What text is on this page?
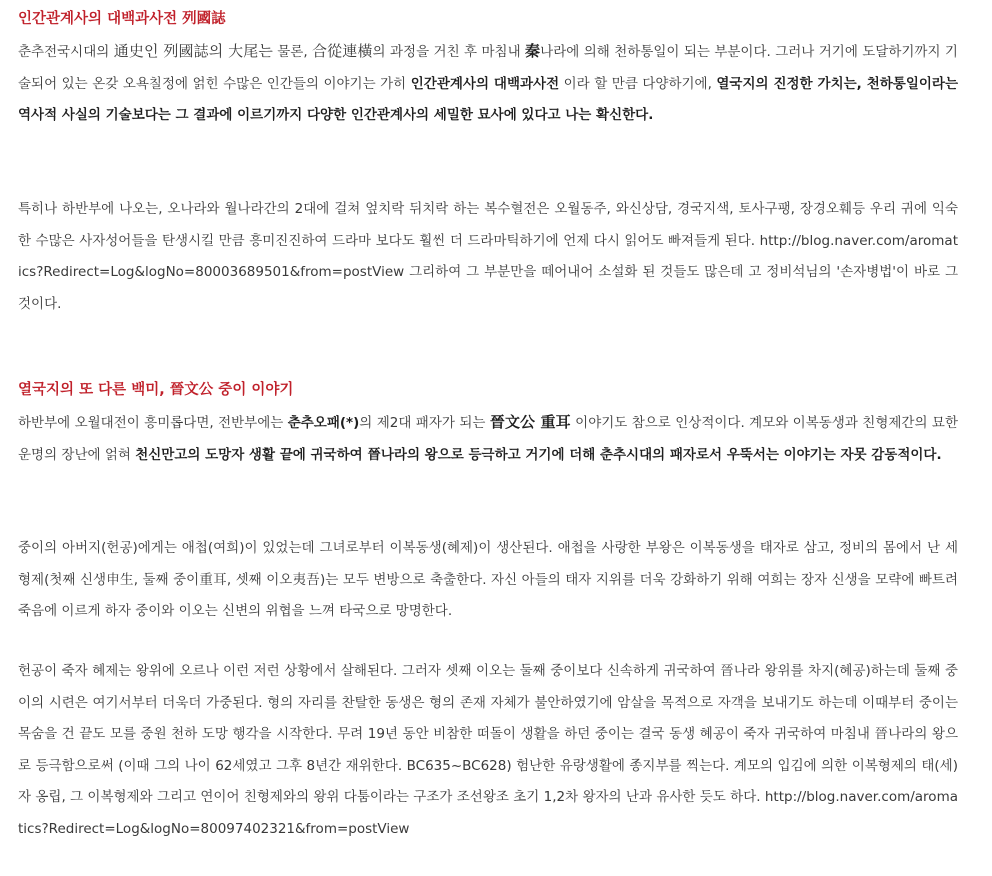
인간관계사의 대백과사전 列國誌

춘추전국시대의 通史인 列國誌의 大尾는 물론, 合從連橫의 과정을 거친 후 마침내 秦나라에 의해 천하통일이 되는 부분이다. 그러나 거기에 도달하기까지 기술되어 있는 온갖 오욕칠정에 얽힌 수많은 인간들의 이야기는 가히 인간관계사의 대백과사전 이라 할 만큼 다양하기에, 열국지의 진정한 가치는, 천하통일이라는 역사적 사실의 기술보다는 그 결과에 이르기까지 다양한 인간관계사의 세밀한 묘사에 있다고 나는 확신한다.

특히나 하반부에 나오는, 오나라와 월나라간의 2대에 걸쳐 엎치락 뒤치락 하는 복수혈전은 오월동주, 와신상담, 경국지색, 토사구팽, 장경오훼등 우리 귀에 익숙한 수많은 사자성어들을 탄생시킬 만큼 흥미진진하여 드라마 보다도 훨씬 더 드라마틱하기에 언제 다시 읽어도 빠져들게 된다. http://blog.naver.com/aromatics?Redirect=Log&logNo=80003689501&from=postView 그리하여 그 부분만을 떼어내어 소설화 된 것들도 많은데 고 정비석님의 '손자병법'이 바로 그것이다.

열국지의 또 다른 백미, 晉文公 중이 이야기

하반부에 오월대전이 흥미롭다면, 전반부에는 춘추오패(*)의 제2대 패자가 되는 晉文公 重耳 이야기도 참으로 인상적이다. 계모와 이복동생과 친형제간의 묘한 운명의 장난에 얽혀 천신만고의 도망자 생활 끝에 귀국하여 晉나라의 왕으로 등극하고 거기에 더해 춘추시대의 패자로서 우뚝서는 이야기는 자못 감동적이다.

중이의 아버지(헌공)에게는 애첩(여희)이 있었는데 그녀로부터 이복동생(혜제)이 생산된다. 애첩을 사랑한 부왕은 이복동생을 태자로 삼고, 정비의 몸에서 난 세 형제(첫째 신생申生, 둘째 중이重耳, 셋째 이오夷吾)는 모두 변방으로 축출한다. 자신 아들의 태자 지위를 더욱 강화하기 위해 여희는 장자 신생을 모략에 빠트려 죽음에 이르게 하자 중이와 이오는 신변의 위협을 느껴 타국으로 망명한다.

헌공이 죽자 혜제는 왕위에 오르나 이런 저런 상황에서 살해된다. 그러자 셋째 이오는 둘째 중이보다 신속하게 귀국하여 晉나라 왕위를 차지(혜공)하는데 둘째 중이의 시련은 여기서부터 더욱더 가중된다. 형의 자리를 찬탈한 동생은 형의 존재 자체가 불안하였기에 암살을 목적으로 자객을 보내기도 하는데 이때부터 중이는 목숨을 건 끝도 모를 중원 천하 도망 행각을 시작한다. 무려 19년 동안 비참한 떠돌이 생활을 하던 중이는 결국 동생 혜공이 죽자 귀국하여 마침내 晉나라의 왕으로 등극함으로써 (이때 그의 나이 62세였고 그후 8년간 재위한다. BC635~BC628) 험난한 유랑생활에 종지부를 찍는다. 계모의 입김에 의한 이복형제의 태(세)자 옹립, 그 이복형제와 그리고 연이어 친형제와의 왕위 다툼이라는 구조가 조선왕조 초기 1,2차 왕자의 난과 유사한 듯도 하다. http://blog.naver.com/aromatics?Redirect=Log&logNo=80097402321&from=postView
